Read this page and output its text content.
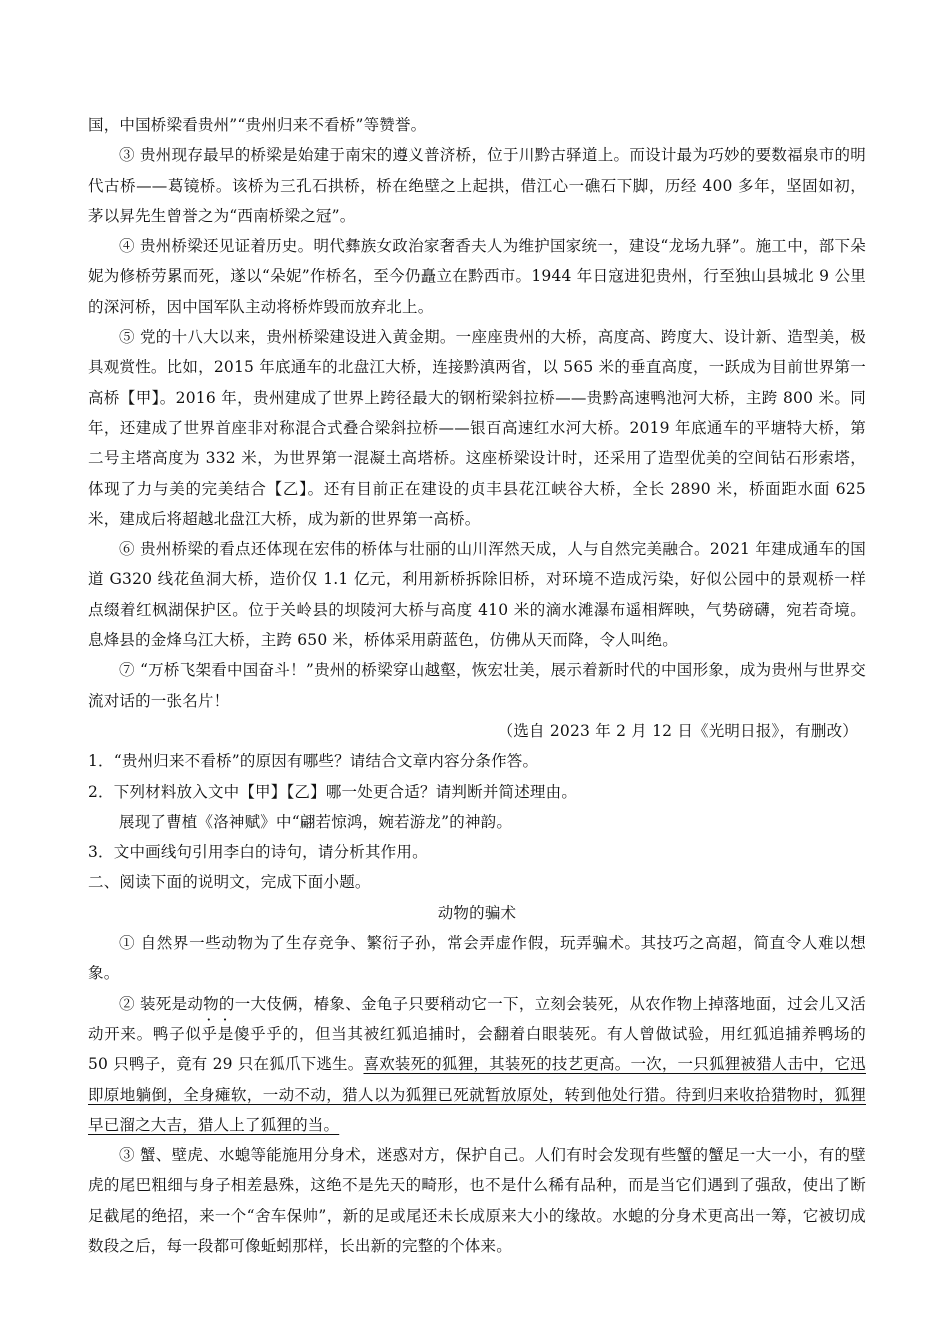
国，中国桥梁看贵州”“贵州归来不看桥”等赞誉。

③ 贵州现存最早的桥梁是始建于南宋的遵义普济桥，位于川黔古驿道上。而设计最为巧妙的要数福泉市的明代古桥——葛镜桥。该桥为三孔石拱桥，桥在绝壁之上起拱，借江心一礁石下脚，历经 400 多年，坚固如初，茅以昇先生曾誉之为“西南桥梁之冠”。

④ 贵州桥梁还见证着历史。明代彝族女政治家奢香夫人为维护国家统一，建设“龙场九驿”。施工中，部下朵妮为修桥劳累而死，遂以“朵妮”作桥名，至今仍矗立在黔西市。1944 年日寇进犯贵州，行至独山县城北 9 公里的深河桥，因中国军队主动将桥炸毁而放弃北上。

⑤ 党的十八大以来，贵州桥梁建设进入黄金期。一座座贵州的大桥，高度高、跨度大、设计新、造型美，极具观赏性。比如，2015 年底通车的北盘江大桥，连接黔滇两省，以 565 米的垂直高度，一跃成为目前世界第一高桥【甲】。2016 年，贵州建成了世界上跨径最大的钢桁梁斜拉桥——贵黔高速鸭池河大桥，主跨 800 米。同年，还建成了世界首座非对称混合式叠合梁斜拉桥——银百高速红水河大桥。2019 年底通车的平塘特大桥，第二号主塔高度为 332 米，为世界第一混凝土高塔桥。这座桥梁设计时，还采用了造型优美的空间钻石形索塔，体现了力与美的完美结合【乙】。还有目前正在建设的贞丰县花江峡谷大桥，全长 2890 米，桥面距水面 625 米，建成后将超越北盘江大桥，成为新的世界第一高桥。

⑥ 贵州桥梁的看点还体现在宏伟的桥体与壮丽的山川浑然天成，人与自然完美融合。2021 年建成通车的国道 G320 线花鱼洞大桥，造价仅 1.1 亿元，利用新桥拆除旧桥，对环境不造成污染，好似公园中的景观桥一样点缀着红枫湖保护区。位于关岭县的坝陵河大桥与高度 410 米的滴水滩瀑布遥相辉映，气势磅礴，宛若奇境。息烽县的金烽乌江大桥，主跨 650 米，桥体采用蔚蓝色，仿佛从天而降，令人叫绝。

⑦ “万桥飞架看中国奋斗！”贵州的桥梁穿山越壑，恢宏壮美，展示着新时代的中国形象，成为贵州与世界交流对话的一张名片！

（选自 2023 年 2 月 12 日《光明日报》，有删改）

1．“贵州归来不看桥”的原因有哪些？请结合文章内容分条作答。

2．下列材料放入文中【甲】【乙】哪一处更合适？请判断并简述理由。

展现了曹植《洛神赋》中“翩若惊鸿，婉若游龙”的神韵。

3．文中画线句引用李白的诗句，请分析其作用。

二、阅读下面的说明文，完成下面小题。

动物的骗术

① 自然界一些动物为了生存竞争、繁衍子孙，常会弄虚作假，玩弄骗术。其技巧之高超，简直令人难以想象。

② 装死是动物的一大伎俩，椿象、金龟子只要稍动它一下，立刻会装死，从农作物上掉落地面，过会儿又活动开来。鸭子似乎是傻乎乎的，但当其被红狐追捕时，会翻着白眼装死。有人曾做试验，用红狐追捕养鸭场的 50 只鸭子，竟有 29 只在狐爪下逃生。喜欢装死的狐狸，其装死的技艺更高。一次，一只狐狸被猎人击中，它迅即原地躺倒，全身瘫软，一动不动，猎人以为狐狸已死就暂放原处，转到他处行猎。待到归来收拾猎物时，狐狸早已溜之大吉，猎人上了狐狸的当。

③ 蟹、壁虎、水螅等能施用分身术，迷惑对方，保护自己。人们有时会发现有些蟹的蟹足一大一小，有的壁虎的尾巴粗细与身子相差悬殊，这绝不是先天的畸形，也不是什么稀有品种，而是当它们遇到了强敌，使出了断足截尾的绝招，来一个“舍车保帅”，新的足或尾还未长成原来大小的缘故。水螅的分身术更高出一筹，它被切成数段之后，每一段都可像蚯蚓那样，长出新的完整的个体来。
